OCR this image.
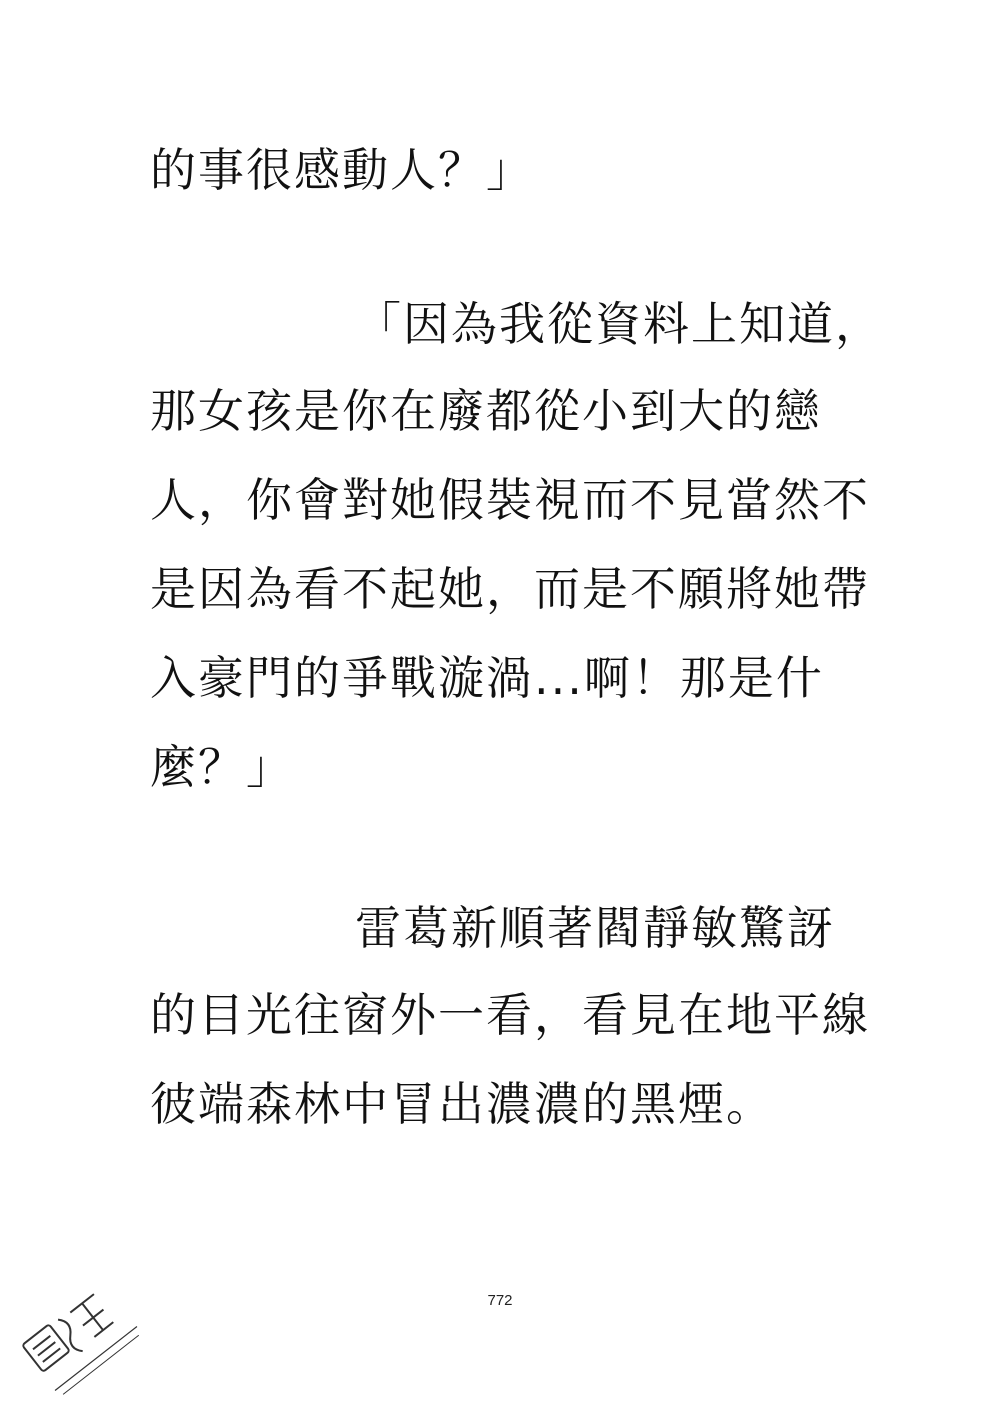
的事很感動人？」
「因為我從資料上知道，
那女孩是你在廢都從小到大的戀
人，你會對她假裝視而不見當然不
是因為看不起她，而是不願將她帶
入豪門的爭戰漩渦...啊！那是什
麼？」
雷葛新順著閻靜敏驚訝
的目光往窗外一看，看見在地平線
彼端森林中冒出濃濃的黑煙。
772
